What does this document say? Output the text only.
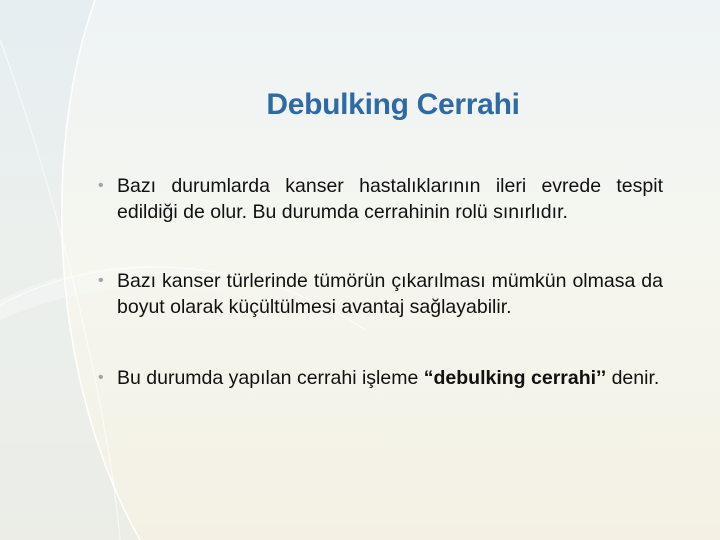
Debulking Cerrahi
• Bazı durumlarda kanser hastalıklarının ileri evrede tespit edildiği de olur. Bu durumda cerrahinin rolü sınırlıdır.
• Bazı kanser türlerinde tümörün çıkarılması mümkün olmasa da boyut olarak küçültülmesi avantaj sağlayabilir.
• Bu durumda yapılan cerrahi işleme “debulking cerrahi’’ denir.
